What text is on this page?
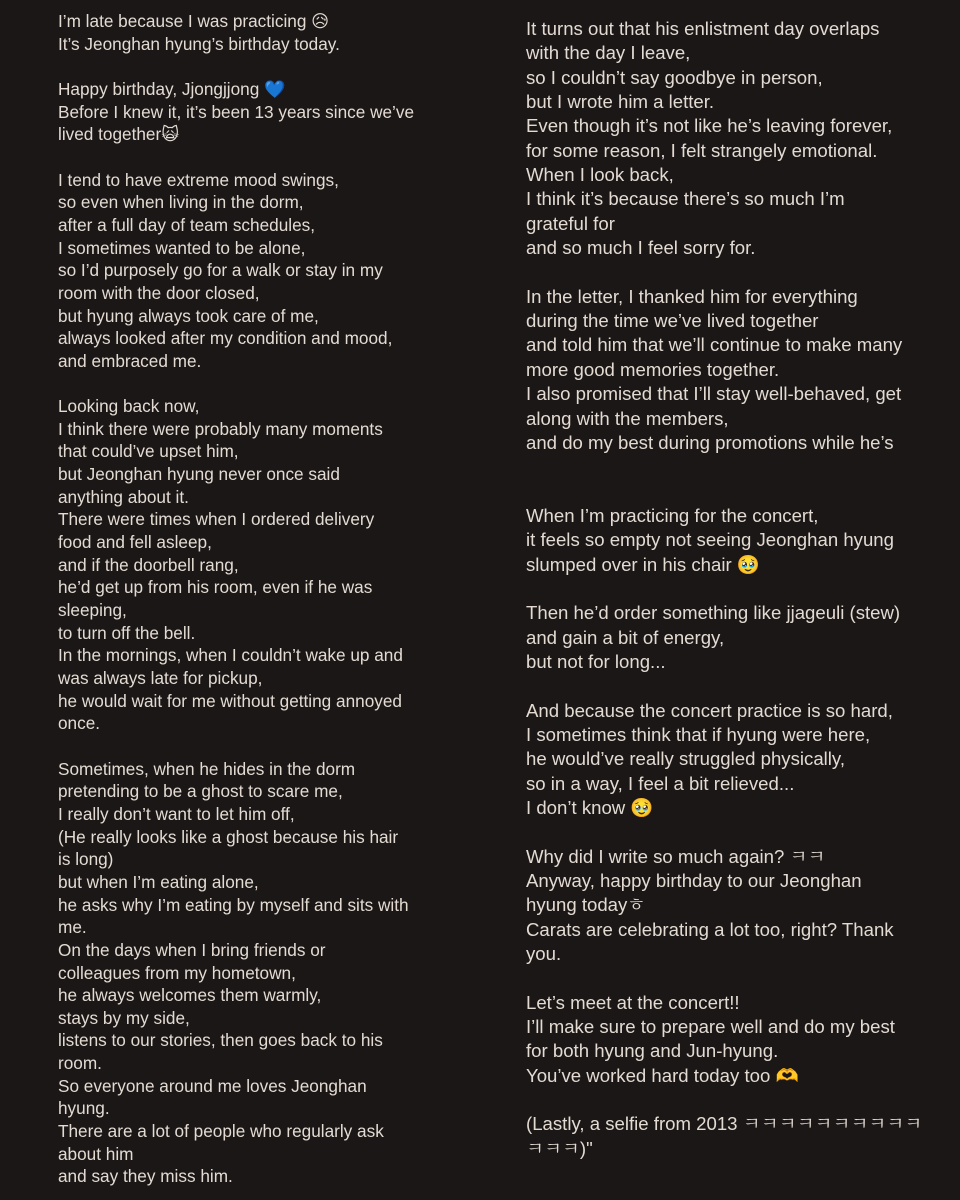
I’m late because I was practicing 😥
It’s Jeonghan hyung’s birthday today.
Happy birthday, Jjongjjong 💙
Before I knew it, it’s been 13 years since we’ve
lived together🙀
I tend to have extreme mood swings,
so even when living in the dorm,
after a full day of team schedules,
I sometimes wanted to be alone,
so I’d purposely go for a walk or stay in my
room with the door closed,
but hyung always took care of me,
always looked after my condition and mood,
and embraced me.
Looking back now,
I think there were probably many moments
that could’ve upset him,
but Jeonghan hyung never once said
anything about it.
There were times when I ordered delivery
food and fell asleep,
and if the doorbell rang,
he’d get up from his room, even if he was
sleeping,
to turn off the bell.
In the mornings, when I couldn’t wake up and
was always late for pickup,
he would wait for me without getting annoyed
once.
Sometimes, when he hides in the dorm
pretending to be a ghost to scare me,
I really don’t want to let him off,
(He really looks like a ghost because his hair
is long)
but when I’m eating alone,
he asks why I’m eating by myself and sits with
me.
On the days when I bring friends or
colleagues from my hometown,
he always welcomes them warmly,
stays by my side,
listens to our stories, then goes back to his
room.
So everyone around me loves Jeonghan
hyung.
There are a lot of people who regularly ask
about him
and say they miss him.
It turns out that his enlistment day overlaps
with the day I leave,
so I couldn’t say goodbye in person,
but I wrote him a letter.
Even though it’s not like he’s leaving forever,
for some reason, I felt strangely emotional.
When I look back,
I think it’s because there’s so much I’m
grateful for
and so much I feel sorry for.
In the letter, I thanked him for everything
during the time we’ve lived together
and told him that we’ll continue to make many
more good memories together.
I also promised that I’ll stay well-behaved, get
along with the members,
and do my best during promotions while he’s
When I’m practicing for the concert,
it feels so empty not seeing Jeonghan hyung
slumped over in his chair 🥹
Then he’d order something like jjageuli (stew)
and gain a bit of energy,
but not for long...
And because the concert practice is so hard,
I sometimes think that if hyung were here,
he would’ve really struggled physically,
so in a way, I feel a bit relieved...
I don’t know 🥹
Why did I write so much again? ㅋㅋ
Anyway, happy birthday to our Jeonghan
hyung todayㅎ
Carats are celebrating a lot too, right? Thank
you.
Let’s meet at the concert!!
I’ll make sure to prepare well and do my best
for both hyung and Jun-hyung.
You’ve worked hard today too 🫶
(Lastly, a selfie from 2013 ㅋㅋㅋㅋㅋㅋㅋㅋㅋㅋ
ㅋㅋㅋ)"
